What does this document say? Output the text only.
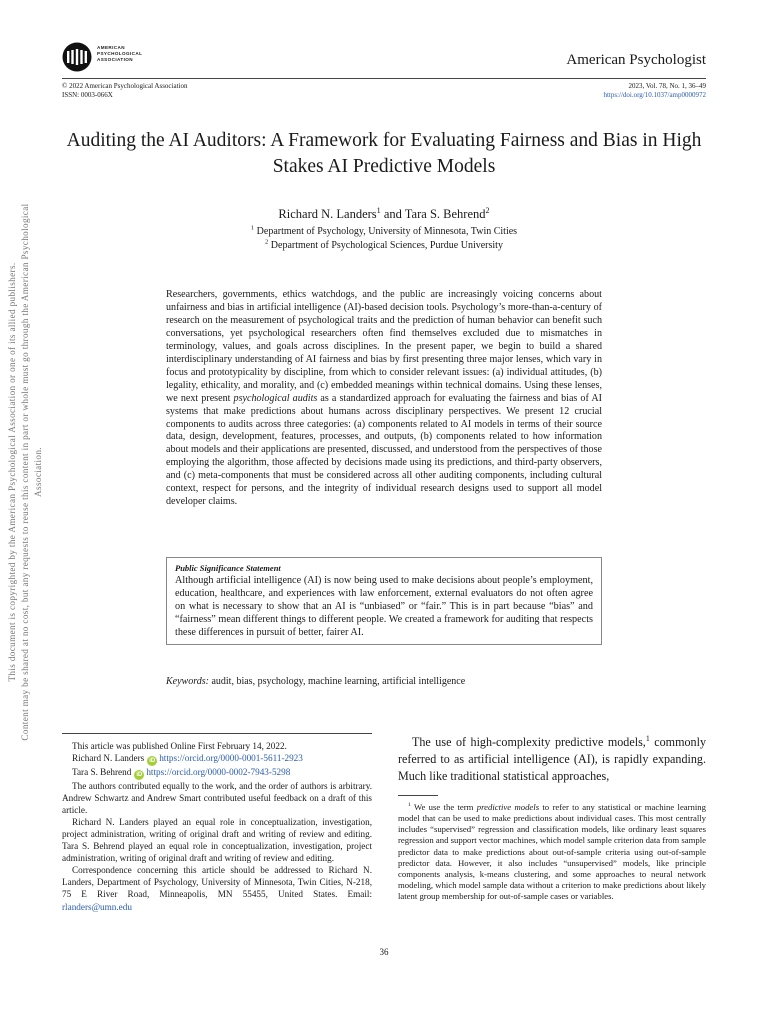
AMERICAN
PSYCHOLOGICAL
ASSOCIATION	American Psychologist
© 2022 American Psychological Association
ISSN: 0003-066X
2023, Vol. 78, No. 1, 36–49
https://doi.org/10.1037/amp0000972
Auditing the AI Auditors: A Framework for Evaluating Fairness and Bias in High Stakes AI Predictive Models
Richard N. Landers$^1$ and Tara S. Behrend$^2$
$^1$ Department of Psychology, University of Minnesota, Twin Cities
$^2$ Department of Psychological Sciences, Purdue University
Researchers, governments, ethics watchdogs, and the public are increasingly voicing concerns about unfairness and bias in artificial intelligence (AI)-based decision tools. Psychology’s more-than-a-century of research on the measurement of psychological traits and the prediction of human behavior can benefit such conversations, yet psychological researchers often find themselves excluded due to mismatches in terminology, values, and goals across disciplines. In the present paper, we begin to build a shared interdisciplinary understanding of AI fairness and bias by first presenting three major lenses, which vary in focus and prototypicality by discipline, from which to consider relevant issues: (a) individual attitudes, (b) legality, ethicality, and morality, and (c) embedded meanings within technical domains. Using these lenses, we next present psychological audits as a standardized approach for evaluating the fairness and bias of AI systems that make predictions about humans across disciplinary perspectives. We present 12 crucial components to audits across three categories: (a) components related to AI models in terms of their source data, design, development, features, processes, and outputs, (b) components related to how information about models and their applications are presented, discussed, and understood from the perspectives of those employing the algorithm, those affected by decisions made using its predictions, and third-party observers, and (c) meta-components that must be considered across all other auditing components, including cultural context, respect for persons, and the integrity of individual research designs used to support all model developer claims.
Public Significance Statement
Although artificial intelligence (AI) is now being used to make decisions about people’s employment, education, healthcare, and experiences with law enforcement, external evaluators do not often agree on what is necessary to show that an AI is “unbiased” or “fair.” This is in part because “bias” and “fairness” mean different things to different people. We created a framework for auditing that respects these differences in pursuit of better, fairer AI.
Keywords: audit, bias, psychology, machine learning, artificial intelligence
This document is copyrighted by the American Psychological Association or one of its allied publishers. Content may be shared at no cost, but any requests to reuse this content in part or whole must go through the American Psychological Association.

This article was published Online First February 14, 2022.

Richard N. Landers iD https://orcid.org/0000-0001-5611-2923

Tara S. Behrend iD https://orcid.org/0000-0002-7943-5298

The authors contributed equally to the work, and the order of authors is arbitrary. Andrew Schwartz and Andrew Smart contributed useful feedback on a draft of this article.

Richard N. Landers played an equal role in conceptualization, investigation, project administration, writing of original draft and writing of review and editing. Tara S. Behrend played an equal role in conceptualization, investigation, project administration, writing of original draft and writing of review and editing.

Correspondence concerning this article should be addressed to Richard N. Landers, Department of Psychology, University of Minnesota, Twin Cities, N-218, 75 E River Road, Minneapolis, MN 55455, United States. Email: rlanders@umn.edu

The use of high-complexity predictive models,$^1$ commonly referred to as artificial intelligence (AI), is rapidly expanding. Much like traditional statistical approaches,
$^1$ We use the term predictive models to refer to any statistical or machine learning model that can be used to make predictions about individual cases. This most centrally includes “supervised” regression and classification models, like ordinary least squares regression and support vector machines, which model sample criterion data from sample predictor data to make predictions about out-of-sample criteria using out-of-sample predictor data. However, it also includes “unsupervised” models, like principle components analysis, k-means clustering, and some approaches to neural network modeling, which model sample data without a criterion to make predictions about likely latent group membership for out-of-sample cases or variables.
36
